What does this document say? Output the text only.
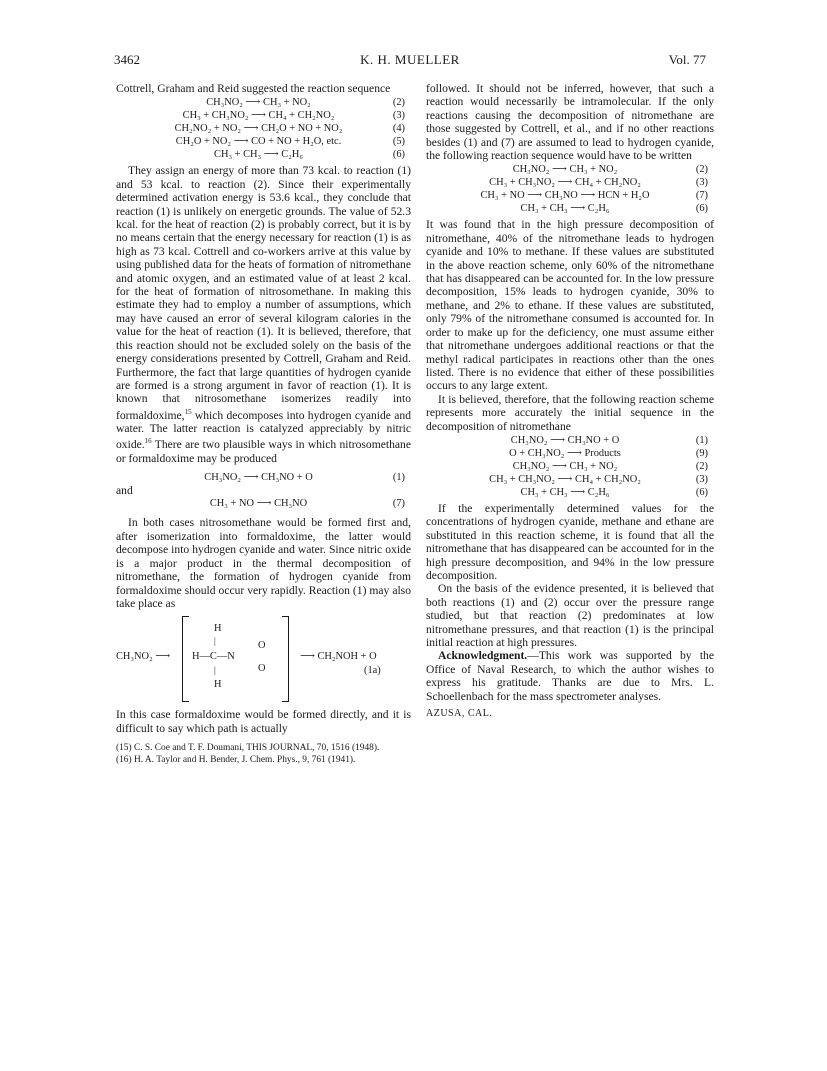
3462	K. H. MUELLER	Vol. 77

Cottrell, Graham and Reid suggested the reaction sequence

CH₃NO₂ ⟶ CH₃ + NO₂	(2)
CH₃ + CH₃NO₂ ⟶ CH₄ + CH₂NO₂	(3)
CH₂NO₂ + NO₂ ⟶ CH₂O + NO + NO₂	(4)
CH₂O + NO₂ ⟶ CO + NO + H₂O, etc.	(5)
CH₃ + CH₃ ⟶ C₂H₆	(6)

They assign an energy of more than 73 kcal. to reaction (1) and 53 kcal. to reaction (2). Since their experimentally determined activation energy is 53.6 kcal., they conclude that reaction (1) is unlikely on energetic grounds. The value of 52.3 kcal. for the heat of reaction (2) is probably correct, but it is by no means certain that the energy necessary for reaction (1) is as high as 73 kcal. Cottrell and co-workers arrive at this value by using published data for the heats of formation of nitromethane and atomic oxygen, and an estimated value of at least 2 kcal. for the heat of formation of nitrosomethane. In making this estimate they had to employ a number of assumptions, which may have caused an error of several kilogram calories in the value for the heat of reaction (1). It is believed, therefore, that this reaction should not be excluded solely on the basis of the energy considerations presented by Cottrell, Graham and Reid. Furthermore, the fact that large quantities of hydrogen cyanide are formed is a strong argument in favor of reaction (1). It is known that nitrosomethane isomerizes readily into formaldoxime,$^{15}$ which decomposes into hydrogen cyanide and water. The latter reaction is catalyzed appreciably by nitric oxide.$^{16}$ There are two plausible ways in which nitrosomethane or formaldoxime may be produced

CH₃NO₂ ⟶ CH₃NO + O	(1)

and

CH₃ + NO ⟶ CH₃NO	(7)

In both cases nitrosomethane would be formed first and, after isomerization into formaldoxime, the latter would decompose into hydrogen cyanide and water. Since nitric oxide is a major product in the thermal decomposition of nitromethane, the formation of hydrogen cyanide from formaldoxime should occur very rapidly. Reaction (1) may also take place as

CH₃NO₂ ⟶
H
|
H—C—N
O
O
|
H
⟶ CH₂NOH + O
(1a)

In this case formaldoxime would be formed directly, and it is difficult to say which path is actually

(15) C. S. Coe and T. F. Doumani, THIS JOURNAL, 70, 1516 (1948).
(16) H. A. Taylor and H. Bender, J. Chem. Phys., 9, 761 (1941).

followed. It should not be inferred, however, that such a reaction would necessarily be intramolecular. If the only reactions causing the decomposition of nitromethane are those suggested by Cottrell, et al., and if no other reactions besides (1) and (7) are assumed to lead to hydrogen cyanide, the following reaction sequence would have to be written

CH₃NO₂ ⟶ CH₃ + NO₂	(2)
CH₃ + CH₃NO₂ ⟶ CH₄ + CH₂NO₂	(3)
CH₃ + NO ⟶ CH₃NO ⟶ HCN + H₂O	(7)
CH₃ + CH₃ ⟶ C₂H₆	(6)

It was found that in the high pressure decomposition of nitromethane, 40% of the nitromethane leads to hydrogen cyanide and 10% to methane. If these values are substituted in the above reaction scheme, only 60% of the nitromethane that has disappeared can be accounted for. In the low pressure decomposition, 15% leads to hydrogen cyanide, 30% to methane, and 2% to ethane. If these values are substituted, only 79% of the nitromethane consumed is accounted for. In order to make up for the deficiency, one must assume either that nitromethane undergoes additional reactions or that the methyl radical participates in reactions other than the ones listed. There is no evidence that either of these possibilities occurs to any large extent.

It is believed, therefore, that the following reaction scheme represents more accurately the initial sequence in the decomposition of nitromethane

CH₃NO₂ ⟶ CH₃NO + O	(1)
O + CH₃NO₂ ⟶ Products	(9)
CH₃NO₂ ⟶ CH₃ + NO₂	(2)
CH₃ + CH₃NO₂ ⟶ CH₄ + CH₂NO₂	(3)
CH₃ + CH₃ ⟶ C₂H₆	(6)

If the experimentally determined values for the concentrations of hydrogen cyanide, methane and ethane are substituted in this reaction scheme, it is found that all the nitromethane that has disappeared can be accounted for in the high pressure decomposition, and 94% in the low pressure decomposition.

On the basis of the evidence presented, it is believed that both reactions (1) and (2) occur over the pressure range studied, but that reaction (2) predominates at low nitromethane pressures, and that reaction (1) is the principal initial reaction at high pressures.

Acknowledgment.—This work was supported by the Office of Naval Research, to which the author wishes to express his gratitude. Thanks are due to Mrs. L. Schoellenbach for the mass spectrometer analyses.

AZUSA, CAL.
